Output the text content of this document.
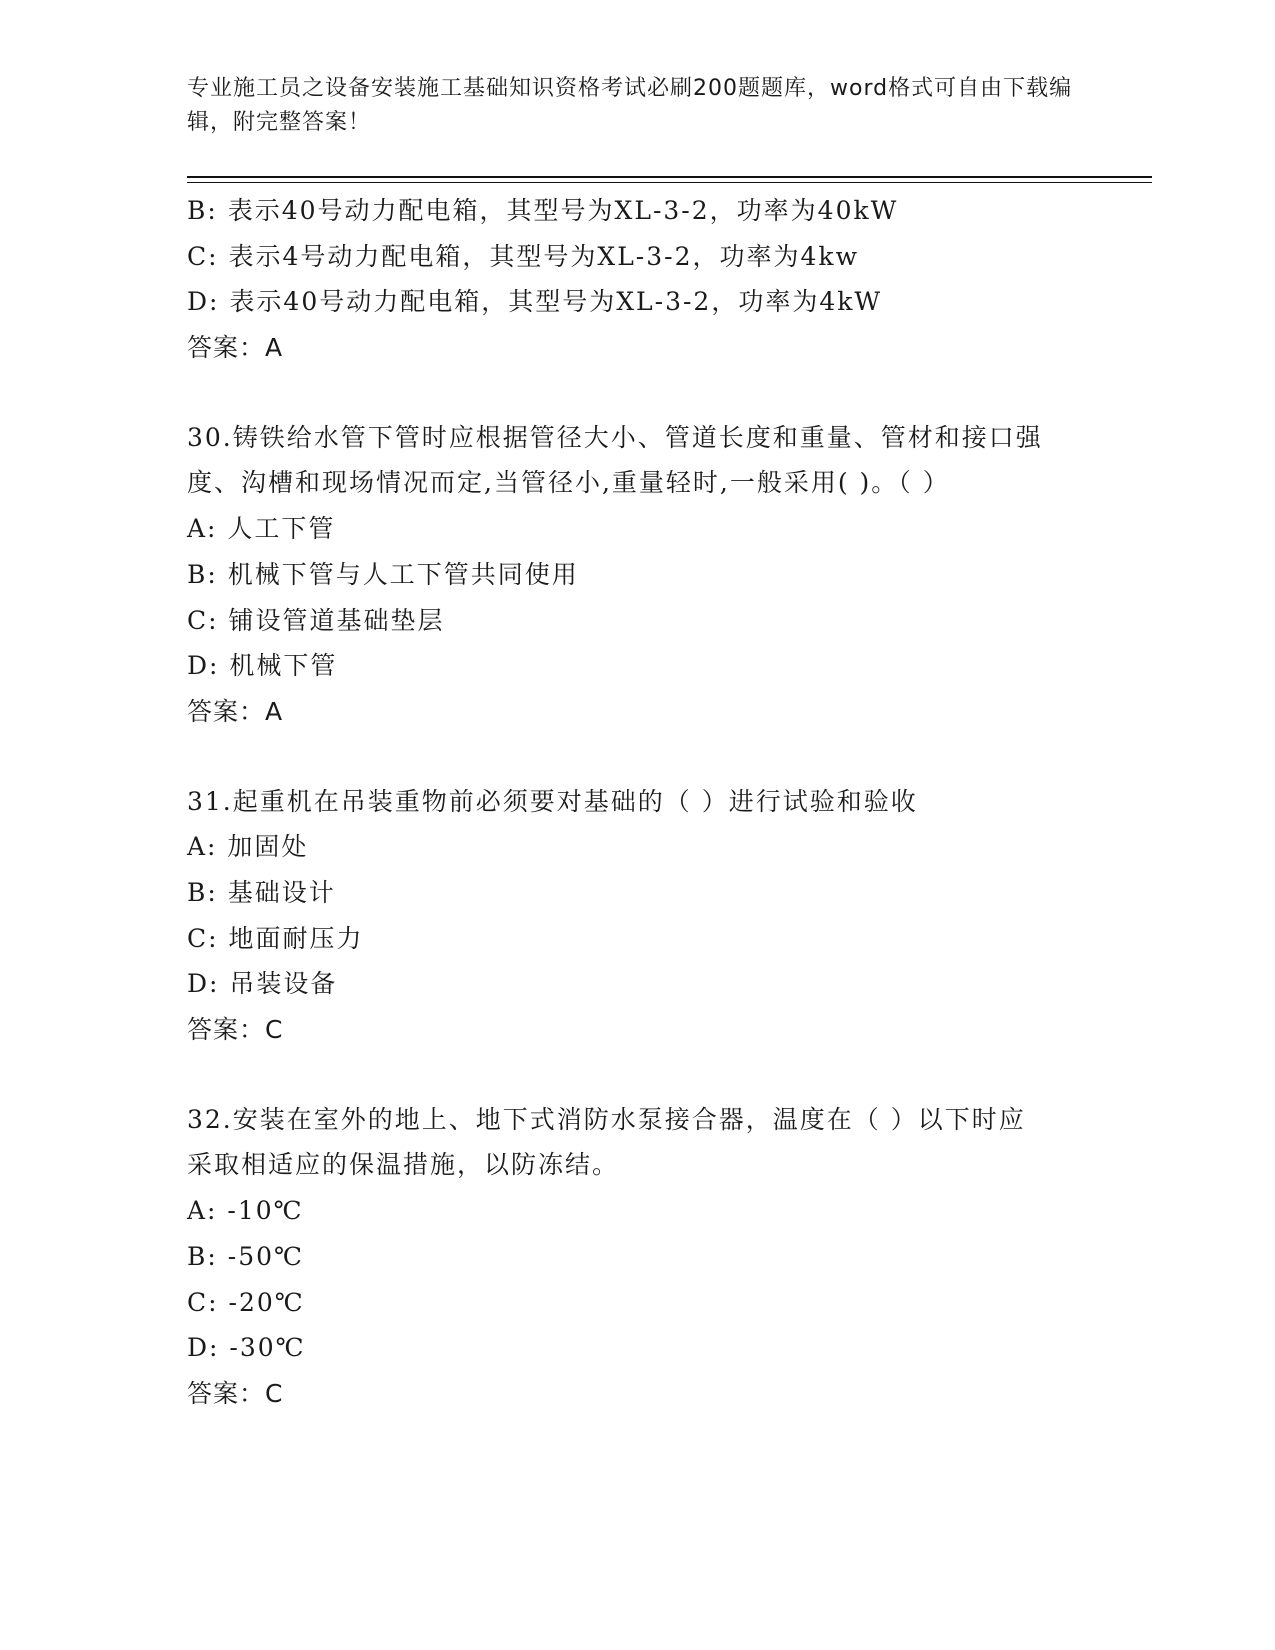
专业施工员之设备安装施工基础知识资格考试必刷200题题库，word格式可自由下载编辑，附完整答案！
B: 表示40号动力配电箱，其型号为XL-3-2，功率为40kW
C: 表示4号动力配电箱，其型号为XL-3-2，功率为4kw
D: 表示40号动力配电箱，其型号为XL-3-2，功率为4kW
答案：A
30.铸铁给水管下管时应根据管径大小、管道长度和重量、管材和接口强度、沟槽和现场情况而定,当管径小,重量轻时,一般采用( )。（ ）
A: 人工下管
B: 机械下管与人工下管共同使用
C: 铺设管道基础垫层
D: 机械下管
答案：A
31.起重机在吊装重物前必须要对基础的（ ）进行试验和验收
A: 加固处
B: 基础设计
C: 地面耐压力
D: 吊装设备
答案：C
32.安装在室外的地上、地下式消防水泵接合器，温度在（ ）以下时应采取相适应的保温措施，以防冻结。
A: -10℃
B: -50℃
C: -20℃
D: -30℃
答案：C
